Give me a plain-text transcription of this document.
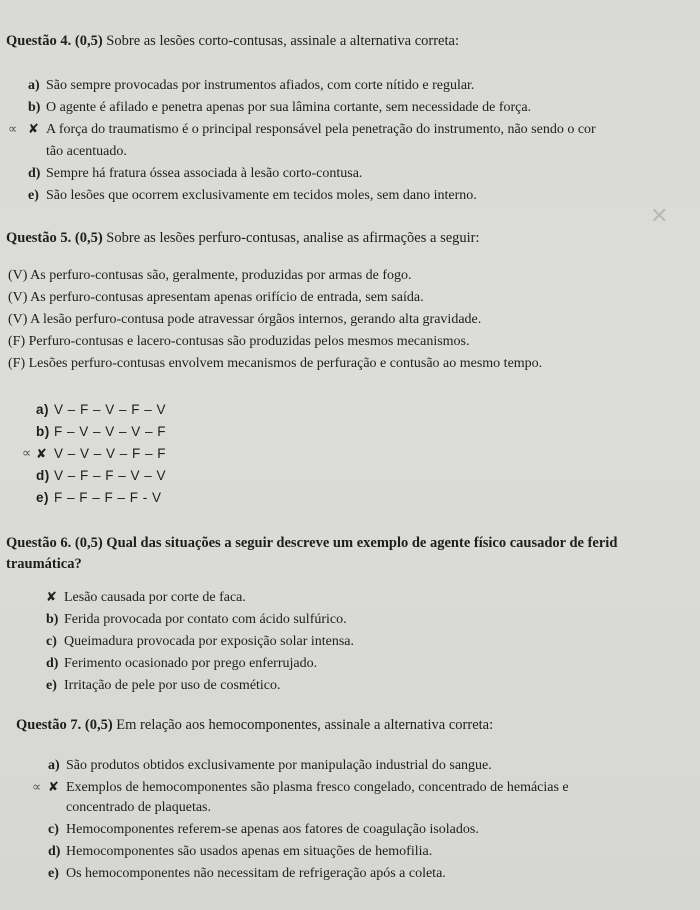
✕
Questão 4. (0,5) Sobre as lesões corto-contusas, assinale a alternativa correta:
a) São sempre provocadas por instrumentos afiados, com corte nítido e regular.
b) O agente é afilado e penetra apenas por sua lâmina cortante, sem necessidade de força.
∝ ✘ A força do traumatismo é o principal responsável pela penetração do instrumento, não sendo o cor
tão acentuado.
d) Sempre há fratura óssea associada à lesão corto-contusa.
e) São lesões que ocorrem exclusivamente em tecidos moles, sem dano interno.
Questão 5. (0,5) Sobre as lesões perfuro-contusas, analise as afirmações a seguir:
(V) As perfuro-contusas são, geralmente, produzidas por armas de fogo.
(V) As perfuro-contusas apresentam apenas orifício de entrada, sem saída.
(V) A lesão perfuro-contusa pode atravessar órgãos internos, gerando alta gravidade.
(F) Perfuro-contusas e lacero-contusas são produzidas pelos mesmos mecanismos.
(F) Lesões perfuro-contusas envolvem mecanismos de perfuração e contusão ao mesmo tempo.
a) V – F – V – F – V
b) F – V – V – V – F
∝ ✘ V – V – V – F – F
d) V – F – F – V – V
e) F – F – F – F - V
Questão 6. (0,5) Qual das situações a seguir descreve um exemplo de agente físico causador de ferid
traumática?
✘ Lesão causada por corte de faca.
b) Ferida provocada por contato com ácido sulfúrico.
c) Queimadura provocada por exposição solar intensa.
d) Ferimento ocasionado por prego enferrujado.
e) Irritação de pele por uso de cosmético.
Questão 7. (0,5) Em relação aos hemocomponentes, assinale a alternativa correta:
a) São produtos obtidos exclusivamente por manipulação industrial do sangue.
∝ ✘ Exemplos de hemocomponentes são plasma fresco congelado, concentrado de hemácias e
concentrado de plaquetas.
c) Hemocomponentes referem-se apenas aos fatores de coagulação isolados.
d) Hemocomponentes são usados apenas em situações de hemofilia.
e) Os hemocomponentes não necessitam de refrigeração após a coleta.
